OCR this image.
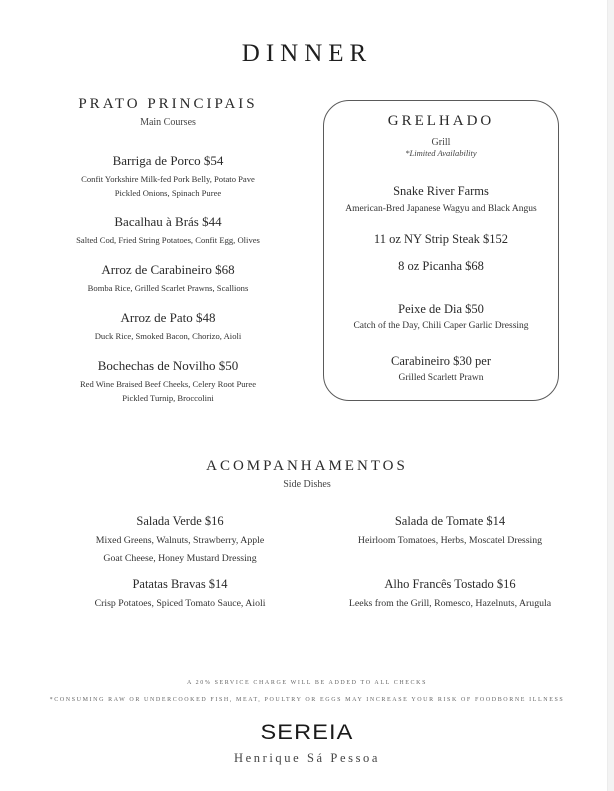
DINNER
PRATO PRINCIPAIS
Main Courses
Barriga de Porco $54
Confit Yorkshire Milk-fed Pork Belly, Potato Pave
Pickled Onions, Spinach Puree
Bacalhau à Brás $44
Salted Cod, Fried String Potatoes, Confit Egg, Olives
Arroz de Carabineiro $68
Bomba Rice, Grilled Scarlet Prawns, Scallions
Arroz de Pato $48
Duck Rice, Smoked Bacon, Chorizo, Aioli
Bochechas de Novilho $50
Red Wine Braised Beef Cheeks, Celery Root Puree
Pickled Turnip, Broccolini
GRELHADO
Grill
*Limited Availability
Snake River Farms
American-Bred Japanese Wagyu and Black Angus
11 oz NY Strip Steak $152
8 oz Picanha $68
Peixe de Dia $50
Catch of the Day, Chili Caper Garlic Dressing
Carabineiro $30 per
Grilled Scarlett Prawn
ACOMPANHAMENTOS
Side Dishes
Salada Verde $16
Mixed Greens, Walnuts, Strawberry, Apple
Goat Cheese, Honey Mustard Dressing
Salada de Tomate $14
Heirloom Tomatoes, Herbs, Moscatel Dressing
Patatas Bravas $14
Crisp Potatoes, Spiced Tomato Sauce, Aioli
Alho Francês Tostado $16
Leeks from the Grill, Romesco, Hazelnuts, Arugula
A 20% SERVICE CHARGE WILL BE ADDED TO ALL CHECKS
*CONSUMING RAW OR UNDERCOOKED FISH, MEAT, POULTRY OR EGGS MAY INCREASE YOUR RISK OF FOODBORNE ILLNESS
SEREIA
Henrique Sá Pessoa
